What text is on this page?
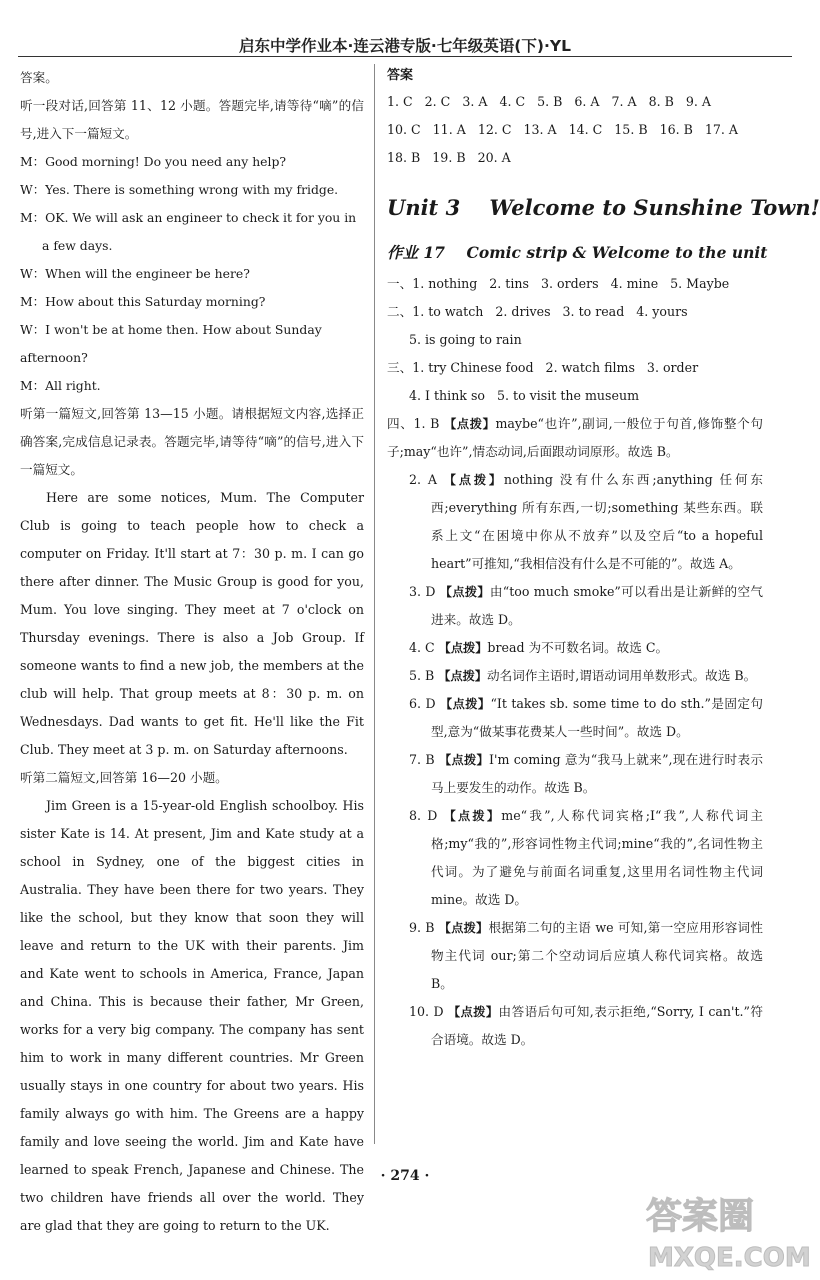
启东中学作业本·连云港专版·七年级英语(下)·YL

答案。

听一段对话,回答第 11、12 小题。答题完毕,请等待“嘀”的信号,进入下一篇短文。

M：Good morning! Do you need any help?

W：Yes. There is something wrong with my fridge.

M：OK. We will ask an engineer to check it for you in a few days.

W：When will the engineer be here?

M：How about this Saturday morning?

W：I won't be at home then. How about Sunday afternoon?

M：All right.

听第一篇短文,回答第 13—15 小题。请根据短文内容,选择正确答案,完成信息记录表。答题完毕,请等待“嘀”的信号,进入下一篇短文。

Here are some notices, Mum. The Computer Club is going to teach people how to check a computer on Friday. It'll start at 7：30 p. m. I can go there after dinner. The Music Group is good for you, Mum. You love singing. They meet at 7 o'clock on Thursday evenings. There is also a Job Group. If someone wants to find a new job, the members at the club will help. That group meets at 8：30 p. m. on Wednesdays. Dad wants to get fit. He'll like the Fit Club. They meet at 3 p. m. on Saturday afternoons.

听第二篇短文,回答第 16—20 小题。

Jim Green is a 15-year-old English schoolboy. His sister Kate is 14. At present, Jim and Kate study at a school in Sydney, one of the biggest cities in Australia. They have been there for two years. They like the school, but they know that soon they will leave and return to the UK with their parents. Jim and Kate went to schools in America, France, Japan and China. This is because their father, Mr Green, works for a very big company. The company has sent him to work in many different countries. Mr Green usually stays in one country for about two years. His family always go with him. The Greens are a happy family and love seeing the world. Jim and Kate have learned to speak French, Japanese and Chinese. The two children have friends all over the world. They are glad that they are going to return to the UK.

答案

1. C 2. C 3. A 4. C 5. B 6. A 7. A 8. B 9. A

10. C 11. A 12. C 13. A 14. C 15. B 16. B 17. A

18. B 19. B 20. A

Unit 3    Welcome to Sunshine Town!

作业 17    Comic strip & Welcome to the unit

一、1. nothing   2. tins   3. orders   4. mine   5. Maybe

二、1. to watch   2. drives   3. to read   4. yours

5. is going to rain

三、1. try Chinese food   2. watch films   3. order

4. I think so   5. to visit the museum

四、1. B 【点拨】maybe“也许”,副词,一般位于句首,修饰整个句子;may“也许”,情态动词,后面跟动词原形。故选 B。

2. A 【点拨】nothing 没有什么东西;anything 任何东西;everything 所有东西,一切;something 某些东西。联系上文“在困境中你从不放弃”以及空后“to a hopeful heart”可推知,“我相信没有什么是不可能的”。故选 A。

3. D 【点拨】由“too much smoke”可以看出是让新鲜的空气进来。故选 D。

4. C 【点拨】bread 为不可数名词。故选 C。

5. B 【点拨】动名词作主语时,谓语动词用单数形式。故选 B。

6. D 【点拨】“It takes sb. some time to do sth.”是固定句型,意为“做某事花费某人一些时间”。故选 D。

7. B 【点拨】I'm coming 意为“我马上就来”,现在进行时表示马上要发生的动作。故选 B。

8. D 【点拨】me“我”,人称代词宾格;I“我”,人称代词主格;my“我的”,形容词性物主代词;mine“我的”,名词性物主代词。为了避免与前面名词重复,这里用名词性物主代词 mine。故选 D。

9. B 【点拨】根据第二句的主语 we 可知,第一空应用形容词性物主代词 our;第二个空动词后应填人称代词宾格。故选 B。

10. D 【点拨】由答语后句可知,表示拒绝,“Sorry, I can't.”符合语境。故选 D。

· 274 ·
答案圈
MXQE.COM
